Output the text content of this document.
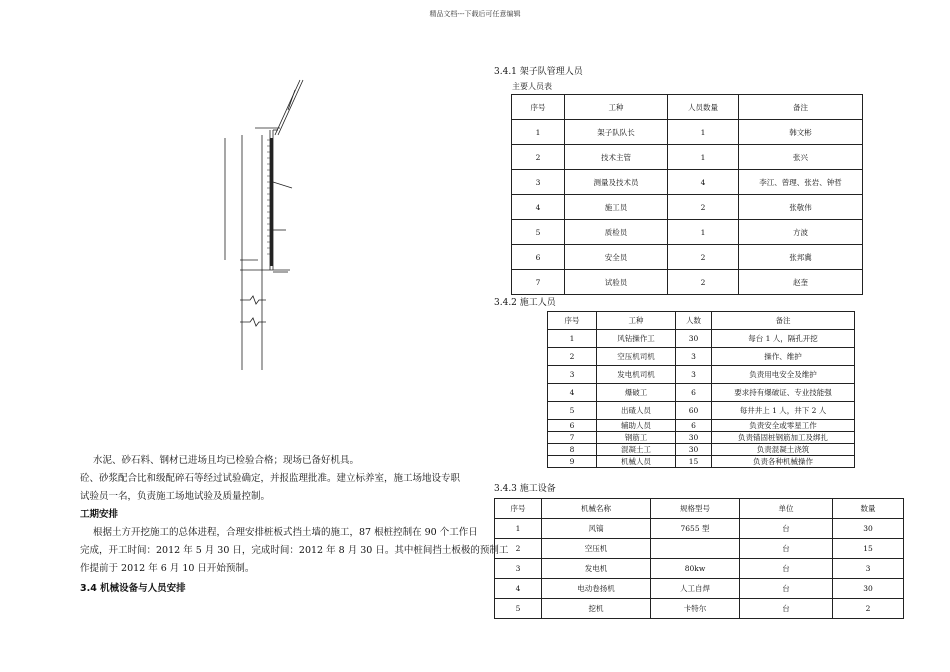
精品文档---下载后可任意编辑
水泥、砂石料、钢材已进场且均已检验合格；现场已备好机具。
砼、砂浆配合比和级配碎石等经过试验确定，并报监理批准。建立标养室，施工场地设专职
试验员一名，负责施工场地试验及质量控制。
工期安排
根据土方开挖施工的总体进程，合理安排桩板式挡土墙的施工，87 根桩控制在 90 个工作日
完成，开工时间：2012 年 5 月 30 日，完成时间：2012 年 8 月 30 日。其中桩间挡土板极的预制工
作提前于 2012 年 6 月 10 日开始预制。
3.4 机械设备与人员安排
3.4.1 架子队管理人员
主要人员表
序号	工种	人员数量	备注
1	架子队队长	1	韩文彬
2	技术主管	1	张兴
3	测量及技术员	4	李江、曾理、张岩、钟哲
4	施工员	2	张敬伟
5	质检员	1	方波
6	安全员	2	张邦冀
7	试验员	2	赵奎
3.4.2 施工人员
序号	工种	人数	备注
1	风钻操作工	30	每台 1 人，隔孔开挖
2	空压机司机	3	操作、维护
3	发电机司机	3	负责用电安全及维护
4	爆破工	6	要求持有爆破证、专业技能强
5	出碴人员	60	每井井上 1 人，井下 2 人
6	辅助人员	6	负责安全或零星工作
7	钢筋工	30	负责锚固桩钢筋加工及绑扎
8	混凝土工	30	负责混凝土浇筑
9	机械人员	15	负责各种机械操作
3.4.3 施工设备
序号	机械名称	规格型号	单位	数量
1	风镐	7655 型	台	30
2	空压机		台	15
3	发电机	80kw	台	3
4	电动卷扬机	人工自焊	台	30
5	挖机	卡特尔	台	2
